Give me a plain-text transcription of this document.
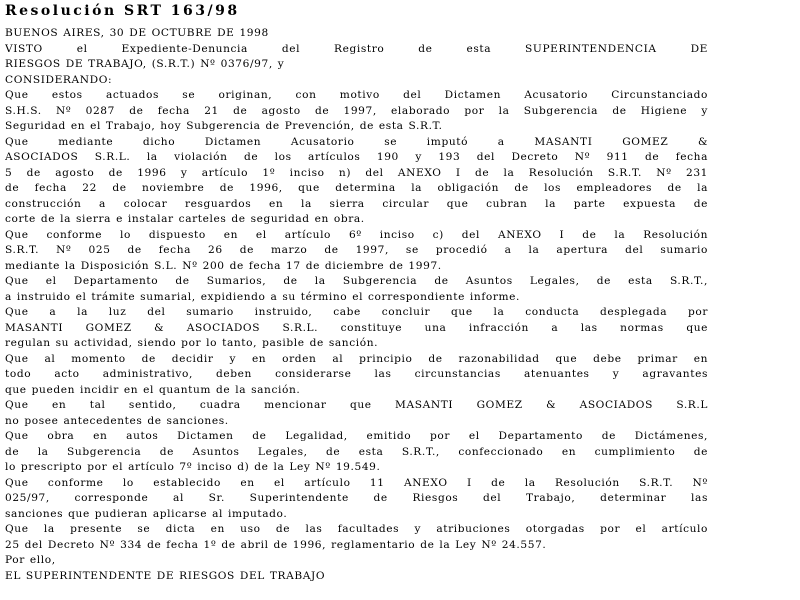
Resolución SRT 163/98
BUENOS AIRES, 30 DE OCTUBRE DE 1998
VISTO el Expediente-Denuncia del Registro de esta SUPERINTENDENCIA DE
RIESGOS DE TRABAJO, (S.R.T.) Nº 0376/97, y
CONSIDERANDO:
Que estos actuados se originan, con motivo del Dictamen Acusatorio Circunstanciado
S.H.S. Nº 0287 de fecha 21 de agosto de 1997, elaborado por la Subgerencia de Higiene y
Seguridad en el Trabajo, hoy Subgerencia de Prevención, de esta S.R.T.
Que mediante dicho Dictamen Acusatorio se imputó a MASANTI GOMEZ &
ASOCIADOS S.R.L. la violación de los artículos 190 y 193 del Decreto Nº 911 de fecha
5 de agosto de 1996 y artículo 1º inciso n) del ANEXO I de la Resolución S.R.T. Nº 231
de fecha 22 de noviembre de 1996, que determina la obligación de los empleadores de la
construcción a colocar resguardos en la sierra circular que cubran la parte expuesta de
corte de la sierra e instalar carteles de seguridad en obra.
Que conforme lo dispuesto en el artículo 6º inciso c) del ANEXO I de la Resolución
S.R.T. Nº 025 de fecha 26 de marzo de 1997, se procedió a la apertura del sumario
mediante la Disposición S.L. Nº 200 de fecha 17 de diciembre de 1997.
Que el Departamento de Sumarios, de la Subgerencia de Asuntos Legales, de esta S.R.T.,
a instruido el trámite sumarial, expidiendo a su término el correspondiente informe.
Que a la luz del sumario instruido, cabe concluir que la conducta desplegada por
MASANTI GOMEZ & ASOCIADOS S.R.L. constituye una infracción a las normas que
regulan su actividad, siendo por lo tanto, pasible de sanción.
Que al momento de decidir y en orden al principio de razonabilidad que debe primar en
todo acto administrativo, deben considerarse las circunstancias atenuantes y agravantes
que pueden incidir en el quantum de la sanción.
Que en tal sentido, cuadra mencionar que MASANTI GOMEZ & ASOCIADOS S.R.L
no posee antecedentes de sanciones.
Que obra en autos Dictamen de Legalidad, emitido por el Departamento de Dictámenes,
de la Subgerencia de Asuntos Legales, de esta S.R.T., confeccionado en cumplimiento de
lo prescripto por el artículo 7º inciso d) de la Ley Nº 19.549.
Que conforme lo establecido en el artículo 11 ANEXO I de la Resolución S.R.T. Nº
025/97, corresponde al Sr. Superintendente de Riesgos del Trabajo, determinar las
sanciones que pudieran aplicarse al imputado.
Que la presente se dicta en uso de las facultades y atribuciones otorgadas por el artículo
25 del Decreto Nº 334 de fecha 1º de abril de 1996, reglamentario de la Ley Nº 24.557.
Por ello,
EL SUPERINTENDENTE DE RIESGOS DEL TRABAJO
